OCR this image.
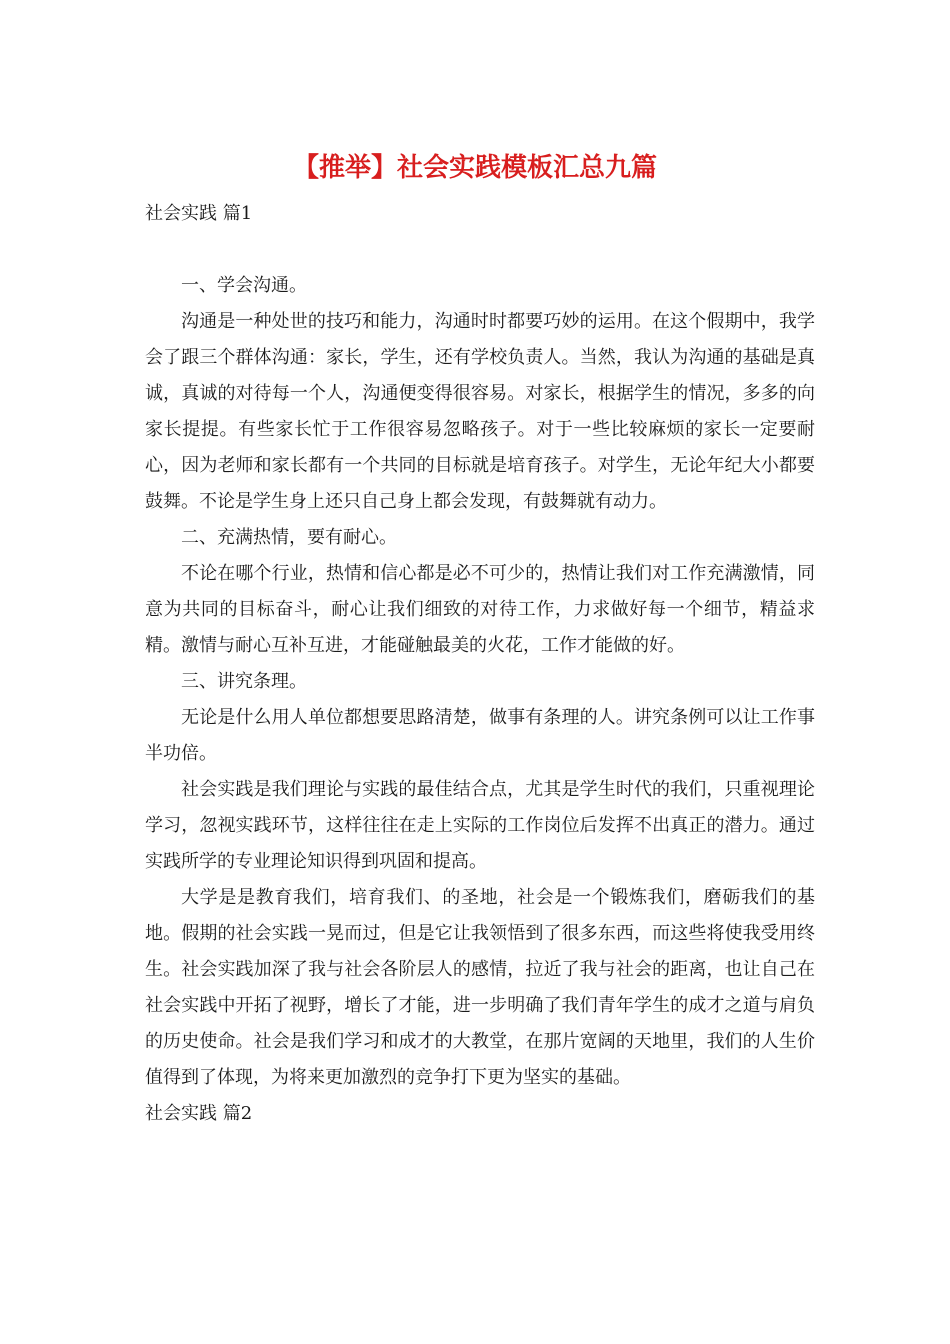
【推举】社会实践模板汇总九篇

社会实践 篇1

一、学会沟通。

沟通是一种处世的技巧和能力，沟通时时都要巧妙的运用。在这个假期中，我学会了跟三个群体沟通：家长，学生，还有学校负责人。当然，我认为沟通的基础是真诚，真诚的对待每一个人，沟通便变得很容易。对家长，根据学生的情况，多多的向家长提提。有些家长忙于工作很容易忽略孩子。对于一些比较麻烦的家长一定要耐心，因为老师和家长都有一个共同的目标就是培育孩子。对学生，无论年纪大小都要鼓舞。不论是学生身上还只自己身上都会发现，有鼓舞就有动力。

二、充满热情，要有耐心。

不论在哪个行业，热情和信心都是必不可少的，热情让我们对工作充满激情，同意为共同的目标奋斗，耐心让我们细致的对待工作，力求做好每一个细节，精益求精。激情与耐心互补互进，才能碰触最美的火花，工作才能做的好。

三、讲究条理。

无论是什么用人单位都想要思路清楚，做事有条理的人。讲究条例可以让工作事半功倍。

社会实践是我们理论与实践的最佳结合点，尤其是学生时代的我们，只重视理论学习，忽视实践环节，这样往往在走上实际的工作岗位后发挥不出真正的潜力。通过实践所学的专业理论知识得到巩固和提高。

大学是是教育我们，培育我们、的圣地，社会是一个锻炼我们，磨砺我们的基地。假期的社会实践一晃而过，但是它让我领悟到了很多东西，而这些将使我受用终生。社会实践加深了我与社会各阶层人的感情，拉近了我与社会的距离，也让自己在社会实践中开拓了视野，增长了才能，进一步明确了我们青年学生的成才之道与肩负的历史使命。社会是我们学习和成才的大教堂，在那片宽阔的天地里，我们的人生价值得到了体现，为将来更加激烈的竞争打下更为坚实的基础。

社会实践 篇2
